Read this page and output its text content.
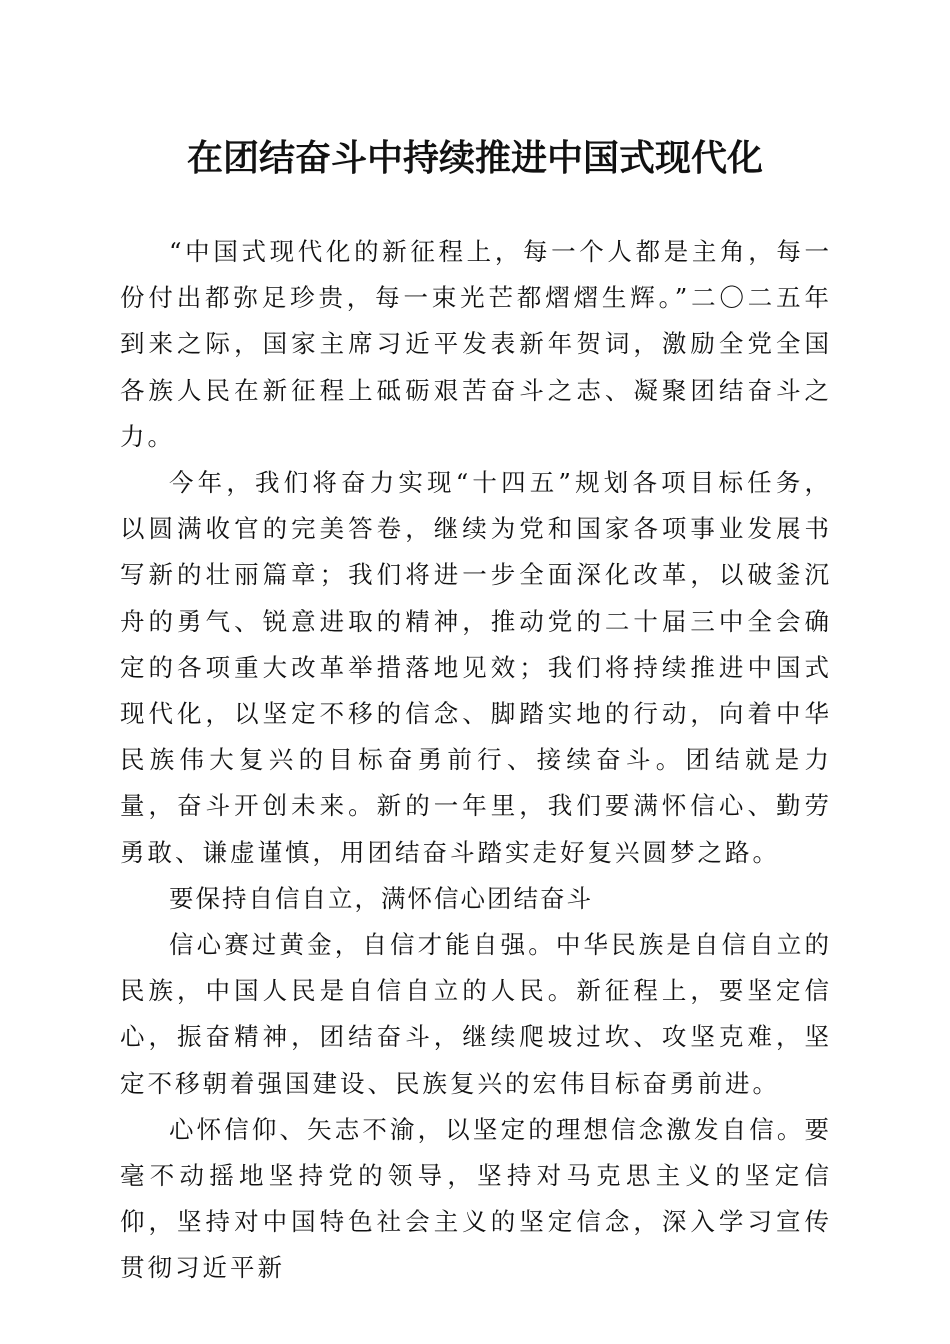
在团结奋斗中持续推进中国式现代化

“中国式现代化的新征程上，每一个人都是主角，每一份付出都弥足珍贵，每一束光芒都熠熠生辉。”二〇二五年到来之际，国家主席习近平发表新年贺词，激励全党全国各族人民在新征程上砥砺艰苦奋斗之志、凝聚团结奋斗之力。

今年，我们将奋力实现“十四五”规划各项目标任务，以圆满收官的完美答卷，继续为党和国家各项事业发展书写新的壮丽篇章；我们将进一步全面深化改革，以破釜沉舟的勇气、锐意进取的精神，推动党的二十届三中全会确定的各项重大改革举措落地见效；我们将持续推进中国式现代化，以坚定不移的信念、脚踏实地的行动，向着中华民族伟大复兴的目标奋勇前行、接续奋斗。团结就是力量，奋斗开创未来。新的一年里，我们要满怀信心、勤劳勇敢、谦虚谨慎，用团结奋斗踏实走好复兴圆梦之路。

要保持自信自立，满怀信心团结奋斗

信心赛过黄金，自信才能自强。中华民族是自信自立的民族，中国人民是自信自立的人民。新征程上，要坚定信心，振奋精神，团结奋斗，继续爬坡过坎、攻坚克难，坚定不移朝着强国建设、民族复兴的宏伟目标奋勇前进。

心怀信仰、矢志不渝，以坚定的理想信念激发自信。要毫不动摇地坚持党的领导，坚持对马克思主义的坚定信仰，坚持对中国特色社会主义的坚定信念，深入学习宣传贯彻习近平新
